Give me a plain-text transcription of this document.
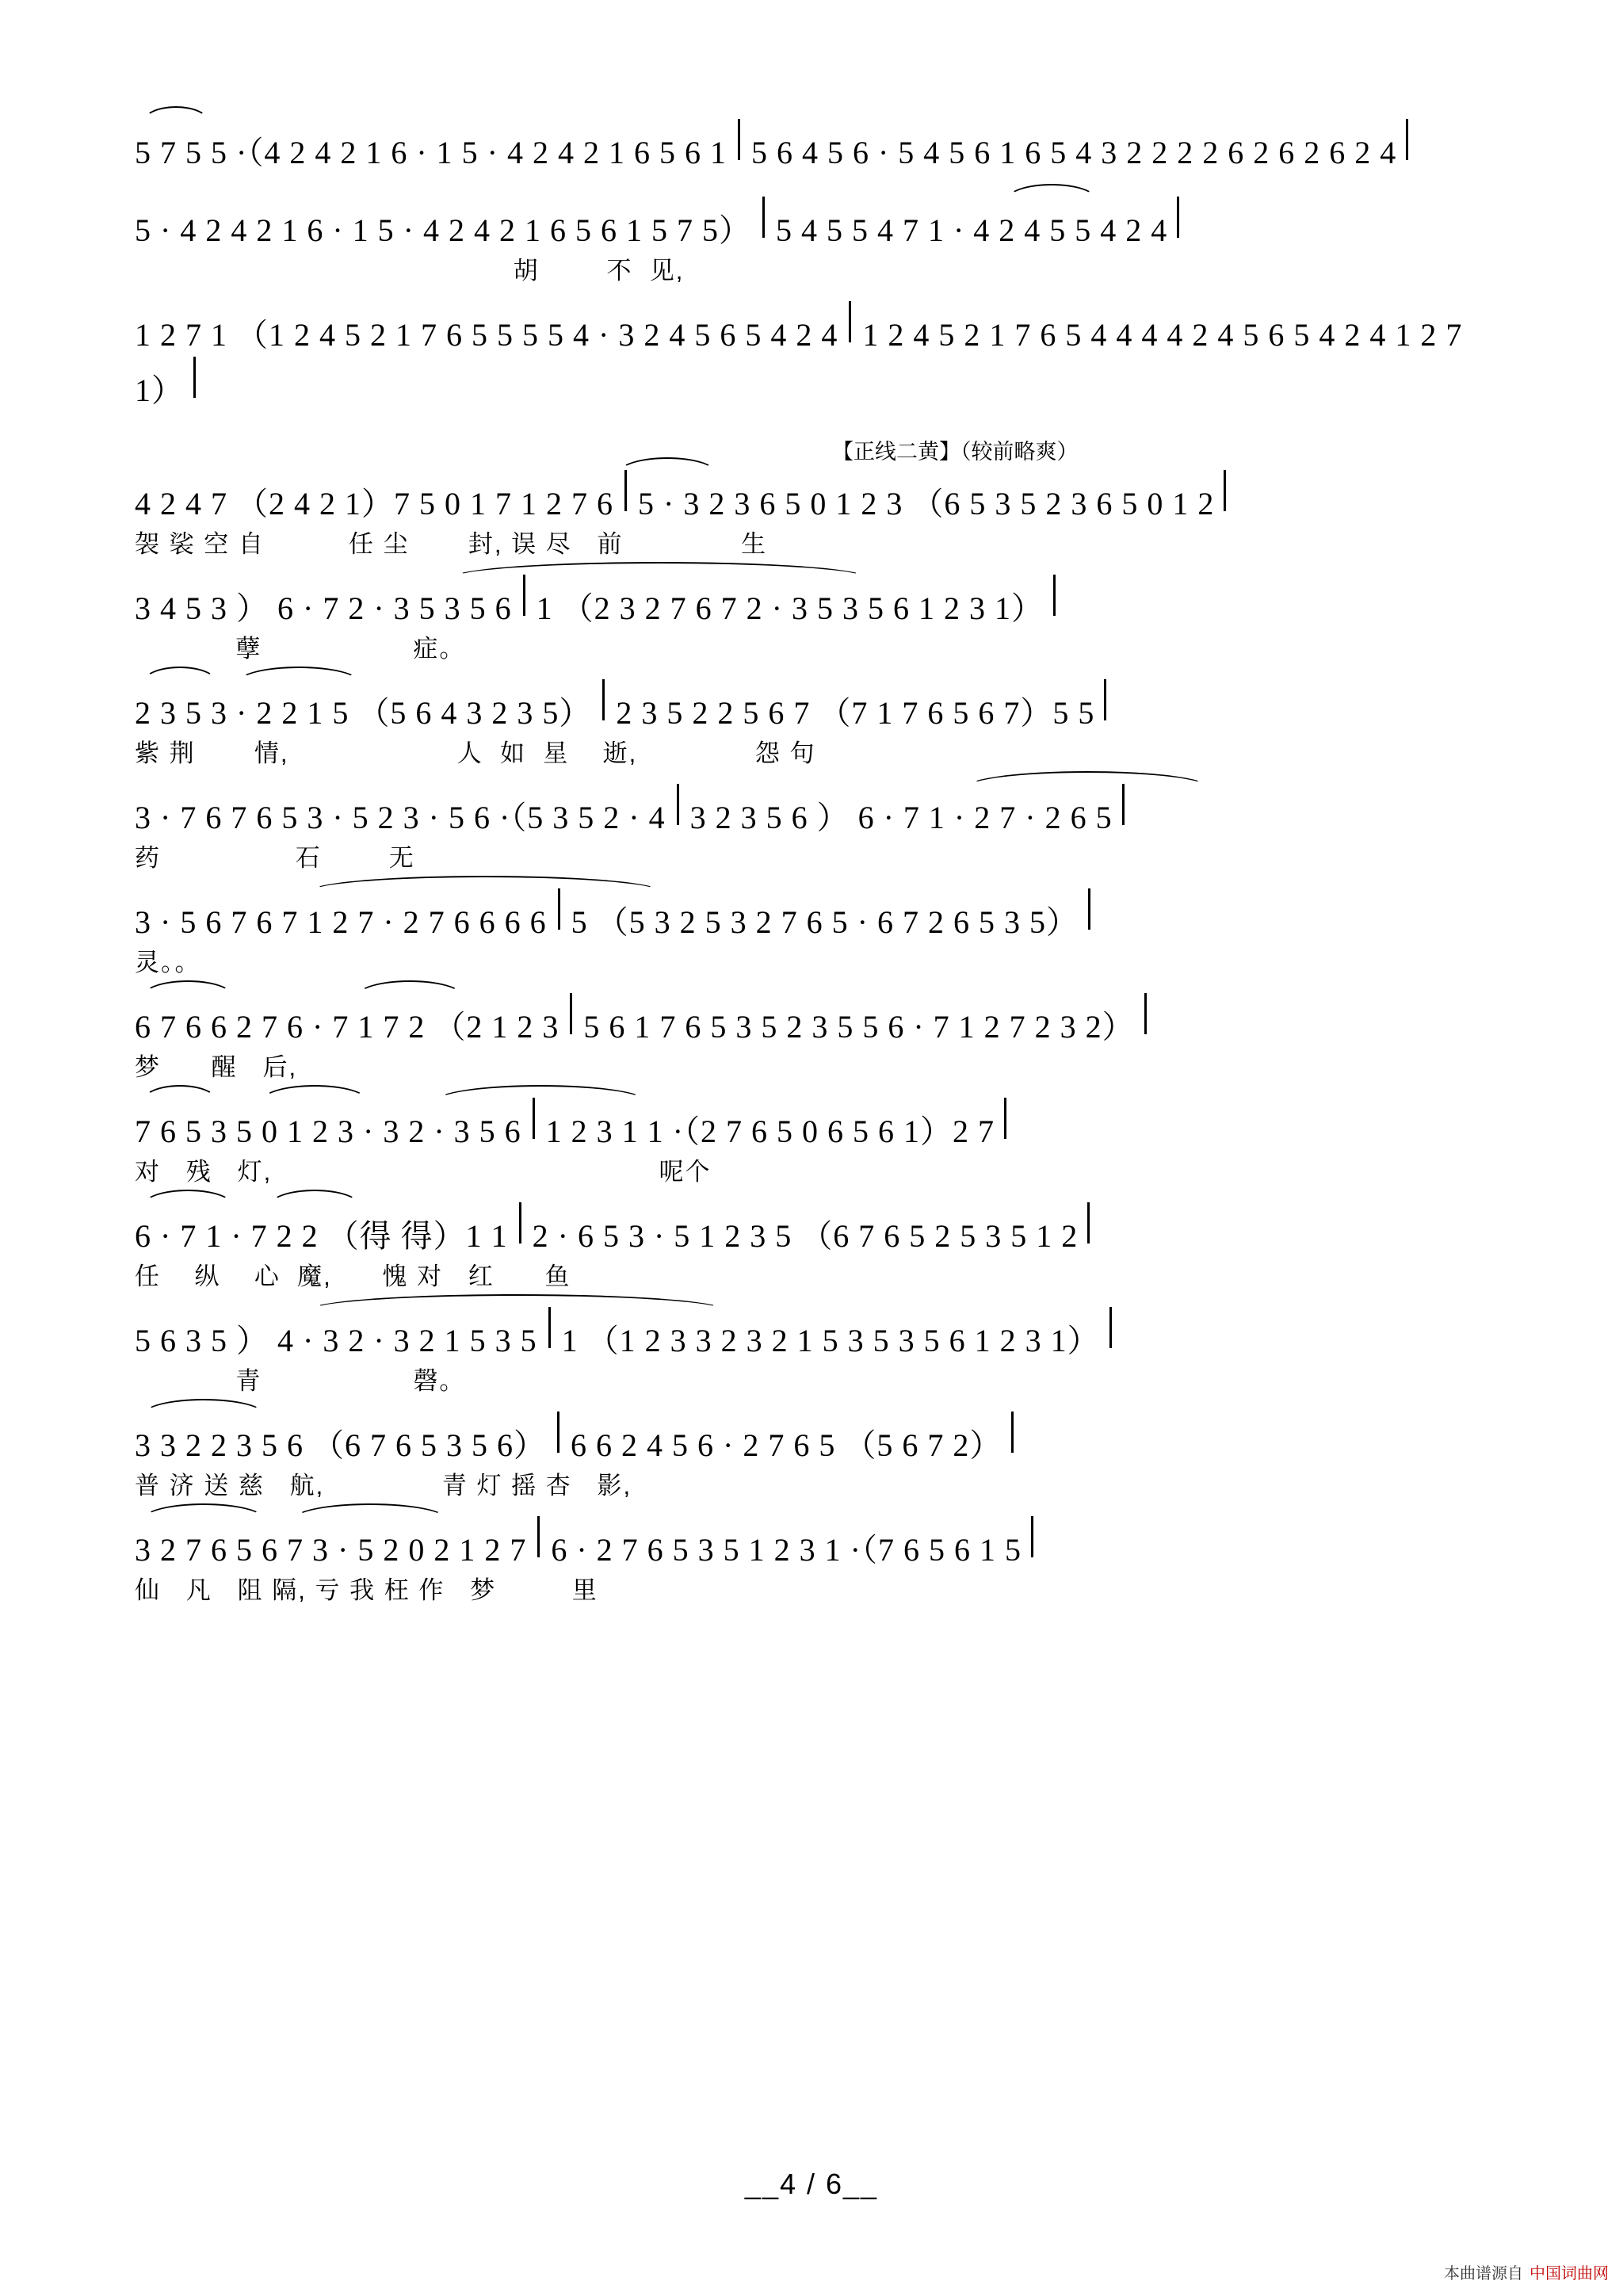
5 7 5 5 ·（4 2 4 2 1 6 · 1 5 · 4 2 4 2 1 6 5 6 1 5 6 4 5 6 · 5 4 5 6 1 6 5 4 3 2 2 2 2 6 2 6 2 6 2 4
5 · 4 2 4 2 1 6 · 1 5 · 4 2 4 2 1 6 5 6 1 5 7 5） 5 4 5 5 4 7 1 · 4 2 4 5 5 4 2 4
胡        不  见,
1 2 7 1 （1 2 4 5 2 1 7 6 5 5 5 5 4 · 3 2 4 5 6 5 4 2 4 1 2 4 5 2 1 7 6 5 4 4 4 4 2 4 5 6 5 4 2 4 1 2 7 1）
【正线二黄】（较前略爽）
4 2 4 7 （2 4 2 1）7 5 0 1 7 1 2 7 6 5 · 3 2 3 6 5 0 1 2 3 （6 5 3 5 2 3 6 5 0 1 2
袈 裟 空 自          任 尘       封, 误 尽   前              生
3 4 5 3 ） 6 · 7 2 · 3 5 3 5 6 1 （2 3 2 7 6 7 2 · 3 5 3 5 6 1 2 3 1）
孽                  症。
2 3 5 3 · 2 2 1 5 （5 6 4 3 2 3 5） 2 3 5 2 2 5 6 7 （7 1 7 6 5 6 7）5 5
紫 荆       情,                    人  如  星    逝,              怨 句
3 · 7 6 7 6 5 3 · 5 2 3 · 5 6 ·（5 3 5 2 · 4 3 2 3 5 6 ） 6 · 7 1 · 2 7 · 2 6 5
药                石        无
3 · 5 6 7 6 7 1 2 7 · 2 7 6 6 6 6 5 （5 3 2 5 3 2 7 6 5 · 6 7 2 6 5 3 5）
灵。。
6 7 6 6 2 7 6 · 7 1 7 2 （2 1 2 3 5 6 1 7 6 5 3 5 2 3 5 5 6 · 7 1 2 7 2 3 2）
梦      醒   后,
7 6 5 3 5 0 1 2 3 · 3 2 · 3 5 6 1 2 3 1 1 ·（2 7 6 5 0 6 5 6 1）2 7
对   残   灯,                                              呢个
6 · 7 1 · 7 2 2 （得 得）1 1 2 · 6 5 3 · 5 1 2 3 5 （6 7 6 5 2 5 3 5 1 2
任    纵    心  魔,      愧 对   红      鱼
5 6 3 5 ） 4 · 3 2 · 3 2 1 5 3 5 1 （1 2 3 3 2 3 2 1 5 3 5 3 5 6 1 2 3 1）
青                  磬。
3 3 2 2 3 5 6 （6 7 6 5 3 5 6） 6 6 2 4 5 6 · 2 7 6 5 （5 6 7 2）
普 济 送 慈   航,              青 灯 摇 杏   影,
3 2 7 6 5 6 7 3 · 5 2 0 2 1 2 7 6 · 2 7 6 5 3 5 1 2 3 1 ·（7 6 5 6 1 5
仙   凡   阻 隔, 亏 我 枉 作   梦         里
__4 / 6__
本曲谱源自 中国词曲网
